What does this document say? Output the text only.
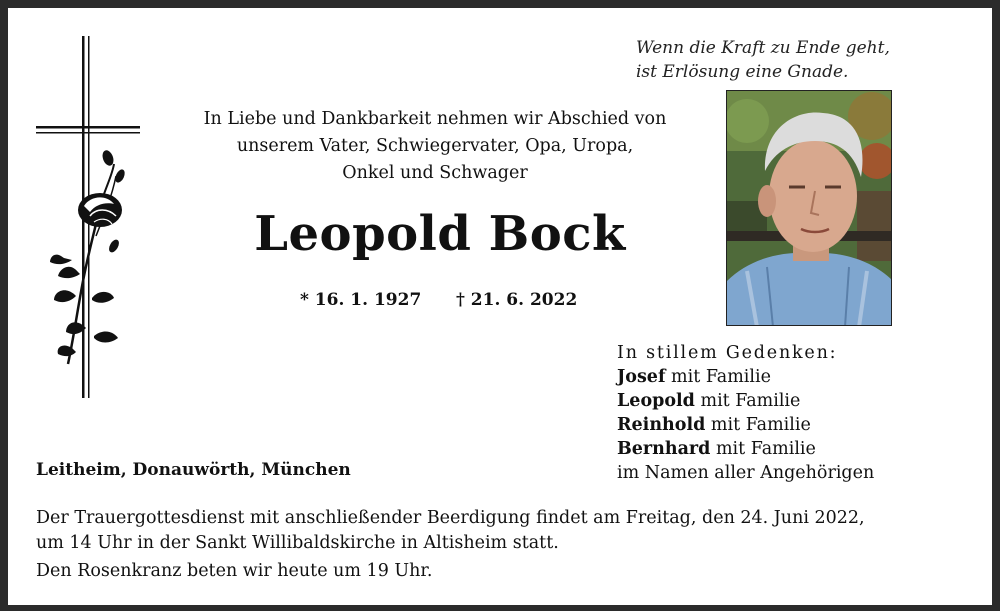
Wenn die Kraft zu Ende geht,
ist Erlösung eine Gnade.
In Liebe und Dankbarkeit nehmen wir Abschied von
unserem Vater, Schwiegervater, Opa, Uropa,
Onkel und Schwager
Leopold Bock
* 16. 1. 1927 † 21. 6. 2022
In stillem Gedenken:
Josef mit Familie
Leopold mit Familie
Reinhold mit Familie
Bernhard mit Familie
im Namen aller Angehörigen
Leitheim, Donauwörth, München
Der Trauergottesdienst mit anschließender Beerdigung findet am Freitag, den 24. Juni 2022,
um 14 Uhr in der Sankt Willibaldskirche in Altisheim statt.
Den Rosenkranz beten wir heute um 19 Uhr.
